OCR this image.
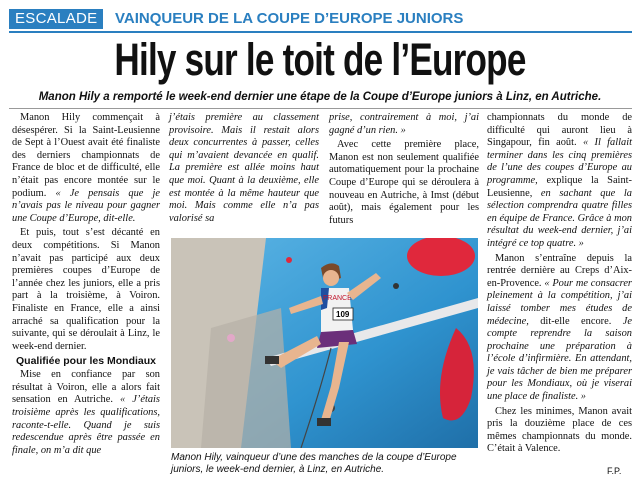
ESCALADE	VAINQUEUR DE LA COUPE D’EUROPE JUNIORS
Hily sur le toit de l’Europe
Manon Hily a remporté le week-end dernier une étape de la Coupe d’Europe juniors à Linz, en Autriche.

Manon Hily commençait à désespérer. Si la Saint-Leusienne de Sept à l’Ouest avait été finaliste des derniers championnats de France de bloc et de difficulté, elle n’était pas encore montée sur le podium. « Je pensais que je n’avais pas le niveau pour gagner une Coupe d’Europe, dit-elle.

Et puis, tout s’est décanté en deux compétitions. Si Manon n’avait pas participé aux deux premières coupes d’Europe de l’année chez les juniors, elle a pris part à la troisième, à Voiron. Finaliste en France, elle a ainsi arraché sa qualification pour la suivante, qui se déroulait à Linz, le week-end dernier.

Qualifiée pour les Mondiaux

Mise en confiance par son résultat à Voiron, elle a alors fait sensation en Autriche. « J’étais troisième après les qualifications, raconte-t-elle. Quand je suis redescendue après être passée en finale, on m’a dit que

j’étais première au classement provisoire. Mais il restait alors deux concurrentes à passer, celles qui m’avaient devancée en qualif. La première est allée moins haut que moi. Quant à la deuxième, elle est montée à la même hauteur que moi. Mais comme elle n’a pas valorisé sa

prise, contrairement à moi, j’ai gagné d’un rien. »

Avec cette première place, Manon est non seulement qualifiée automatiquement pour la prochaine Coupe d’Europe qui se déroulera à nouveau en Autriche, à Imst (début août), mais également pour les futurs

championnats du monde de difficulté qui auront lieu à Singapour, fin août. « Il fallait terminer dans les cinq premières de l’une des coupes d’Europe au programme, explique la Saint-Leusienne, en sachant que la sélection comprendra quatre filles en équipe de France. Grâce à mon résultat du week-end dernier, j’ai intégré ce top quatre. »

Manon s’entraîne depuis la rentrée dernière au Creps d’Aix-en-Provence. « Pour me consacrer pleinement à la compétition, j’ai laissé tomber mes études de médecine, dit-elle encore. Je compte reprendre la saison prochaine une préparation à l’école d’infirmière. En attendant, je vais tâcher de bien me préparer pour les Mondiaux, où je viserai une place de finaliste. »

Chez les minimes, Manon avait pris la douzième place de ces mêmes championnats du monde. C’était à Valence.

FRANCE
109
Manon Hily, vainqueur d’une des manches de la coupe d’Europe juniors, le week-end dernier, à Linz, en Autriche.	F.P.
